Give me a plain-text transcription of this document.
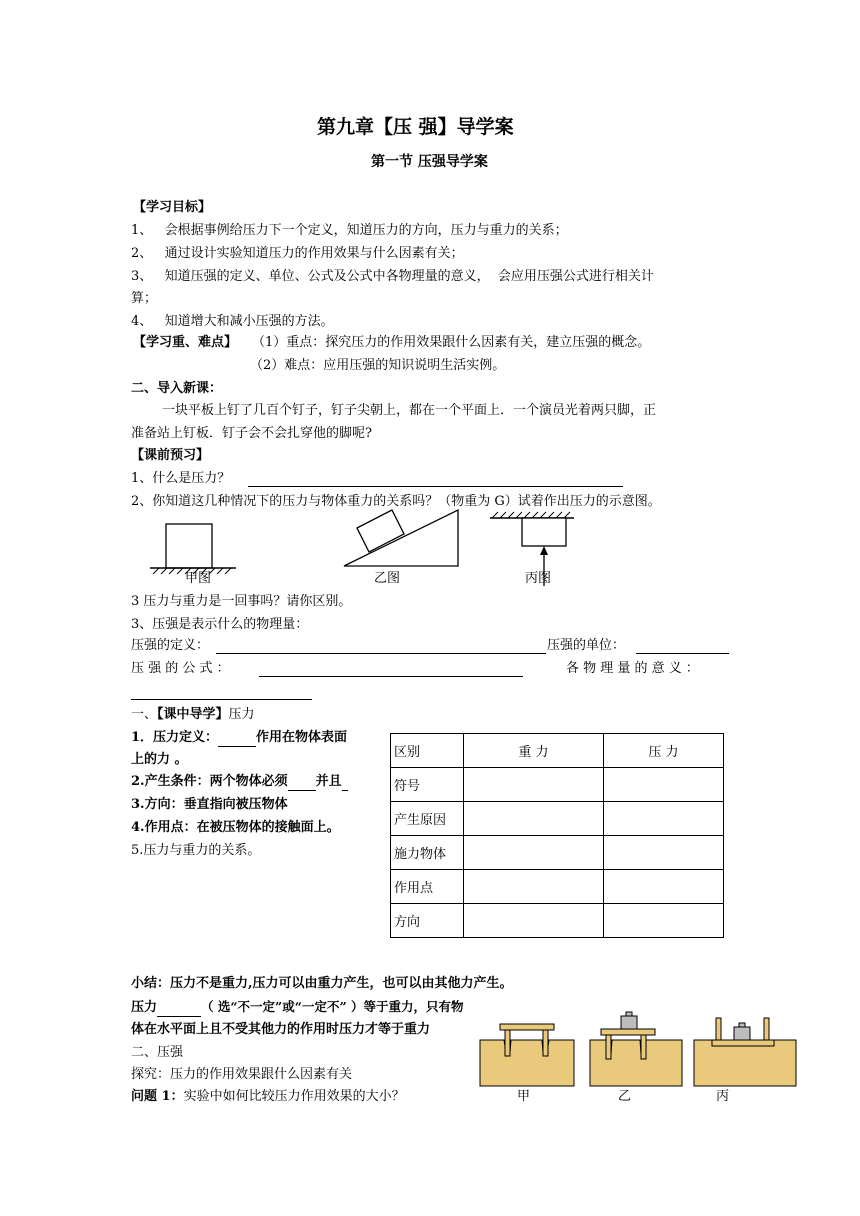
第九章【压 强】导学案
第一节 压强导学案
【学习目标】
1、   会根据事例给压力下一个定义，知道压力的方向，压力与重力的关系；
2、   通过设计实验知道压力的作用效果与什么因素有关；
3、   知道压强的定义、单位、公式及公式中各物理量的意义，  会应用压强公式进行相关计
算；
4、   知道增大和减小压强的方法。
【学习重、难点】 （1）重点：探究压力的作用效果跟什么因素有关，建立压强的概念。
（2）难点：应用压强的知识说明生活实例。
二、导入新课：
一块平板上钉了几百个钉子，钉子尖朝上，都在一个平面上．一个演员光着两只脚，正
准备站上钉板．钉子会不会扎穿他的脚呢?
【课前预习】
1、什么是压力？
2、你知道这几种情况下的压力与物体重力的关系吗？（物重为 G）试着作出压力的示意图。
甲图	乙图	丙图
3 压力与重力是一回事吗？请你区别。
3、压强是表示什么的物理量：
压强的定义：	压强的单位：
压 强 的 公 式 ：	各 物 理 量 的 意 义 ：
一、【课中导学】压力
1．压力定义：	作用在物体表面
上的力 。
2.产生条件：两个物体必须 并且
3.方向：垂直指向被压物体
4.作用点：在被压物体的接触面上。
5.压力与重力的关系。
区别	重 力	压 力
符号		
产生原因		
施力物体		
作用点		
方向		
小结：压力不是重力,压力可以由重力产生，也可以由其他力产生。
压力	（ 选“不一定”或“一定不” ）等于重力，只有物
体在水平面上且不受其他力的作用时压力才等于重力
二、压强
探究：压力的作用效果跟什么因素有关
问题 1：实验中如何比较压力作用效果的大小？	甲	乙	丙
